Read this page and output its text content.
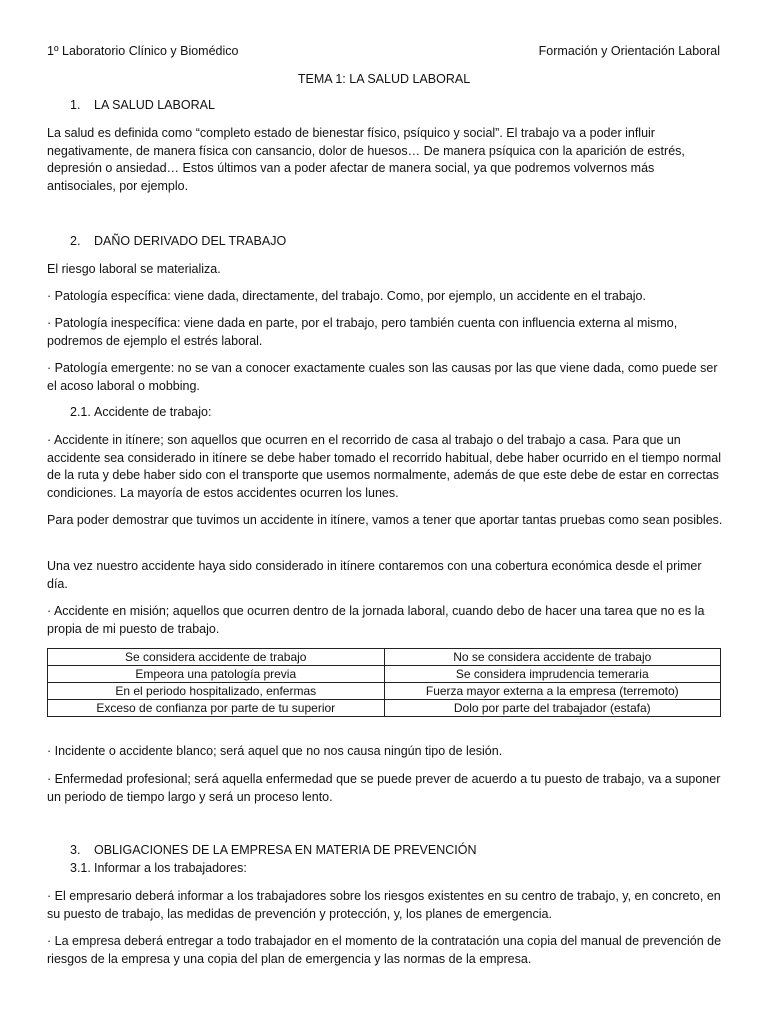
1º Laboratorio Clínico y Biomédico	Formación y Orientación Laboral
TEMA 1: LA SALUD LABORAL
1. LA SALUD LABORAL
La salud es definida como “completo estado de bienestar físico, psíquico y social”. El trabajo va a poder influir negativamente, de manera física con cansancio, dolor de huesos… De manera psíquica con la aparición de estrés, depresión o ansiedad… Estos últimos van a poder afectar de manera social, ya que podremos volvernos más antisociales, por ejemplo.
2. DAÑO DERIVADO DEL TRABAJO
El riesgo laboral se materializa.
· Patología específica: viene dada, directamente, del trabajo. Como, por ejemplo, un accidente en el trabajo.
· Patología inespecífica: viene dada en parte, por el trabajo, pero también cuenta con influencia externa al mismo, podremos de ejemplo el estrés laboral.
· Patología emergente: no se van a conocer exactamente cuales son las causas por las que viene dada, como puede ser el acoso laboral o mobbing.
2.1. Accidente de trabajo:
· Accidente in itínere; son aquellos que ocurren en el recorrido de casa al trabajo o del trabajo a casa. Para que un accidente sea considerado in itínere se debe haber tomado el recorrido habitual, debe haber ocurrido en el tiempo normal de la ruta y debe haber sido con el transporte que usemos normalmente, además de que este debe de estar en correctas condiciones. La mayoría de estos accidentes ocurren los lunes.
Para poder demostrar que tuvimos un accidente in itínere, vamos a tener que aportar tantas pruebas como sean posibles.
Una vez nuestro accidente haya sido considerado in itínere contaremos con una cobertura económica desde el primer día.
· Accidente en misión; aquellos que ocurren dentro de la jornada laboral, cuando debo de hacer una tarea que no es la propia de mi puesto de trabajo.
Se considera accidente de trabajo	No se considera accidente de trabajo
Empeora una patología previa	Se considera imprudencia temeraria
En el periodo hospitalizado, enfermas	Fuerza mayor externa a la empresa (terremoto)
Exceso de confianza por parte de tu superior	Dolo por parte del trabajador (estafa)
· Incidente o accidente blanco; será aquel que no nos causa ningún tipo de lesión.
· Enfermedad profesional; será aquella enfermedad que se puede prever de acuerdo a tu puesto de trabajo, va a suponer un periodo de tiempo largo y será un proceso lento.
3. OBLIGACIONES DE LA EMPRESA EN MATERIA DE PREVENCIÓN
3.1. Informar a los trabajadores:
· El empresario deberá informar a los trabajadores sobre los riesgos existentes en su centro de trabajo, y, en concreto, en su puesto de trabajo, las medidas de prevención y protección, y, los planes de emergencia.
· La empresa deberá entregar a todo trabajador en el momento de la contratación una copia del manual de prevención de riesgos de la empresa y una copia del plan de emergencia y las normas de la empresa.
